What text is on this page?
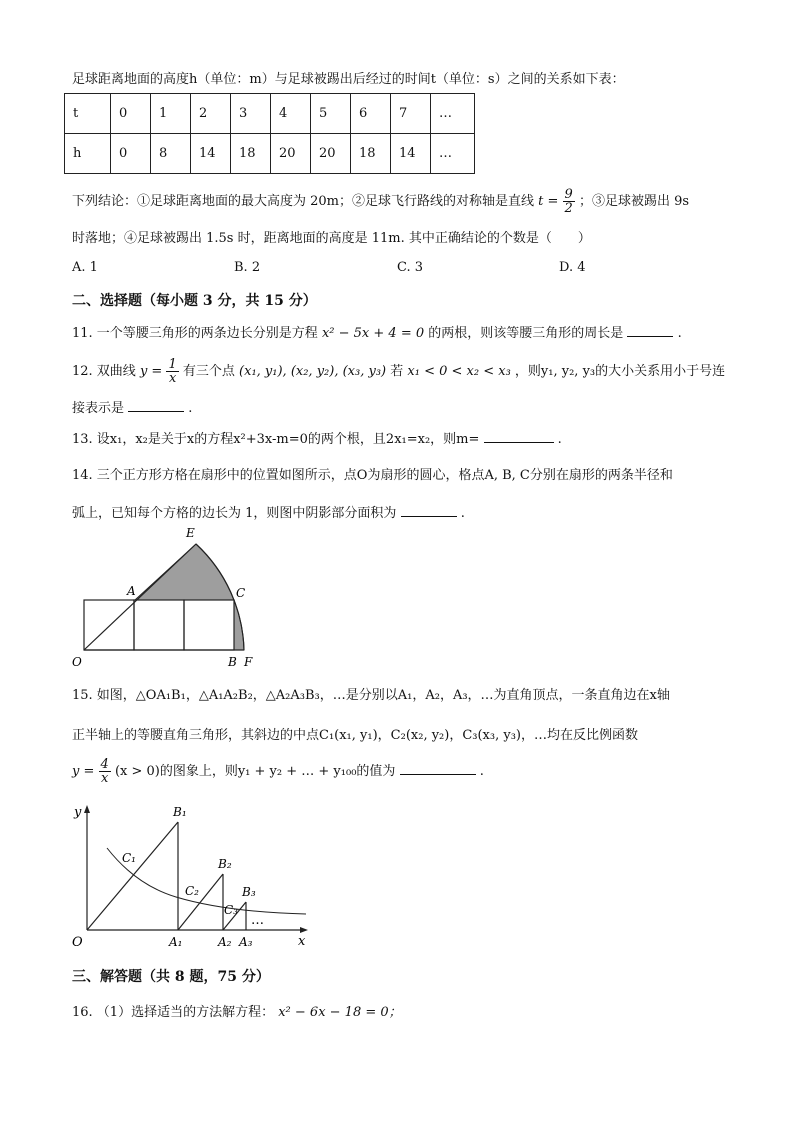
足球距离地面的高度h（单位：m）与足球被踢出后经过的时间t（单位：s）之间的关系如下表：
t	0	1	2	3	4	5	6	7	…
h	0	8	14	18	20	20	18	14	…
下列结论：①足球距离地面的最大高度为 20m；②足球飞行路线的对称轴是直线 $t = \frac{9}{2}$ ；③足球被踢出 9s
时落地；④足球被踢出 1.5s 时，距离地面的高度是 11m. 其中正确结论的个数是（　　）
A. 1	B. 2	C. 3	D. 4
二、选择题（每小题 3 分，共 15 分）
11. 一个等腰三角形的两条边长分别是方程 x² − 5x + 4 = 0 的两根，则该等腰三角形的周长是	.
12. 双曲线 $y = \frac{1}{x}$ 有三个点 (x₁, y₁), (x₂, y₂), (x₃, y₃) 若 x₁ < 0 < x₂ < x₃ ，则y₁, y₂, y₃的大小关系用小于号连
接表示是	.
13. 设x₁，x₂是关于x的方程x²+3x-m=0的两个根，且2x₁=x₂，则m=	.
14. 三个正方形方格在扇形中的位置如图所示，点O为扇形的圆心，格点A, B, C分别在扇形的两条半径和
弧上，已知每个方格的边长为 1，则图中阴影部分面积为	.
E
A	C
O	B F
15. 如图，△OA₁B₁，△A₁A₂B₂，△A₂A₃B₃，…是分别以A₁，A₂，A₃，…为直角顶点，一条直角边在x轴
正半轴上的等腰直角三角形，其斜边的中点C₁(x₁, y₁)，C₂(x₂, y₂)，C₃(x₃, y₃)，…均在反比例函数
$y = \frac{4}{x} (x > 0)$的图象上，则y₁ + y₂ + … + y₁₀₀的值为	.
y
x
O
B₁
B₂
B₃
C₁
C₂
C₃
A₁	A₂ A₃
…
三、解答题（共 8 题，75 分）
16. （1）选择适当的方法解方程： x² − 6x − 18 = 0；
